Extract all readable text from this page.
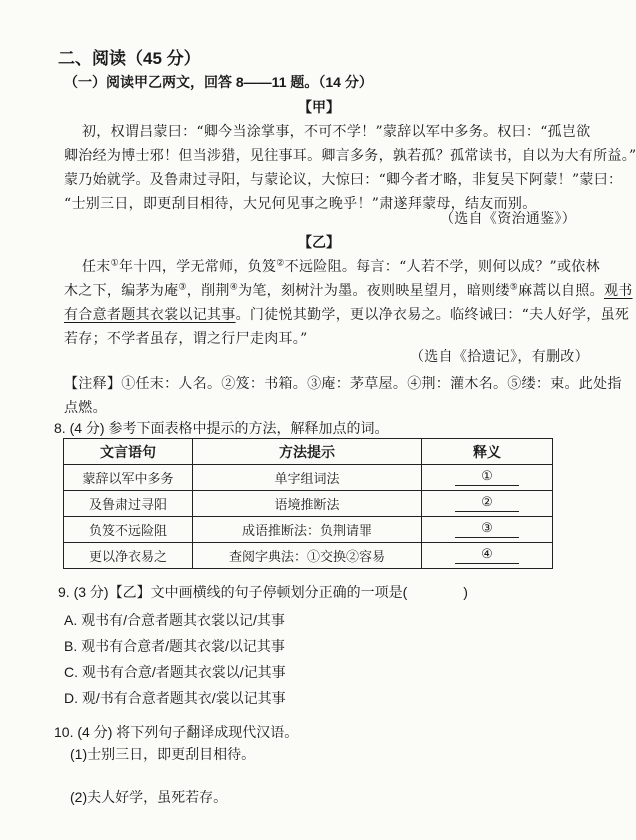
二、阅读（45 分）
（一）阅读甲乙两文，回答 8——11 题。（14 分）
【甲】
初，权谓吕蒙曰：“卿今当涂掌事，不可不学！”蒙辞以军中多务。权曰：“孤岂欲
卿治经为博士邪！但当涉猎，见往事耳。卿言多务，孰若孤？孤常读书，自以为大有所益。”
蒙乃始就学。及鲁肃过寻阳，与蒙论议，大惊曰：“卿今者才略，非复吴下阿蒙！”蒙曰：
“士别三日，即更刮目相待，大兄何见事之晚乎！”肃遂拜蒙母，结友而别。
（选自《资治通鉴》）
【乙】
任末①年十四，学无常师，负笈②不远险阻。每言：“人若不学，则何以成？”或依林
木之下，编茅为庵③，削荆④为笔，刻树汁为墨。夜则映星望月，暗则缕⑤麻蒿以自照。观书
有合意者题其衣裳以记其事。门徒悦其勤学，更以净衣易之。临终诫曰：“夫人好学，虽死
若存；不学者虽存，谓之行尸走肉耳。”
（选自《拾遗记》，有删改）
【注释】①任末：人名。②笈：书箱。③庵：茅草屋。④荆：灌木名。⑤缕：束。此处指
点燃。
8. (4 分) 参考下面表格中提示的方法，解释加点的词。
文言语句	方法提示	释义
蒙辞以军中多务	单字组词法	①
及鲁肃过寻阳	语境推断法	②
负笈不远险阻	成语推断法：负荆请罪	③
更以净衣易之	查阅字典法：①交换②容易	④
9. (3 分)【乙】文中画横线的句子停顿划分正确的一项是(　　　　)
A. 观书有/合意者题其衣裳以记/其事
B. 观书有合意者/题其衣裳/以记其事
C. 观书有合意/者题其衣裳以/记其事
D. 观/书有合意者题其衣/裳以记其事
10. (4 分) 将下列句子翻译成现代汉语。
(1)士别三日，即更刮目相待。
(2)夫人好学，虽死若存。
